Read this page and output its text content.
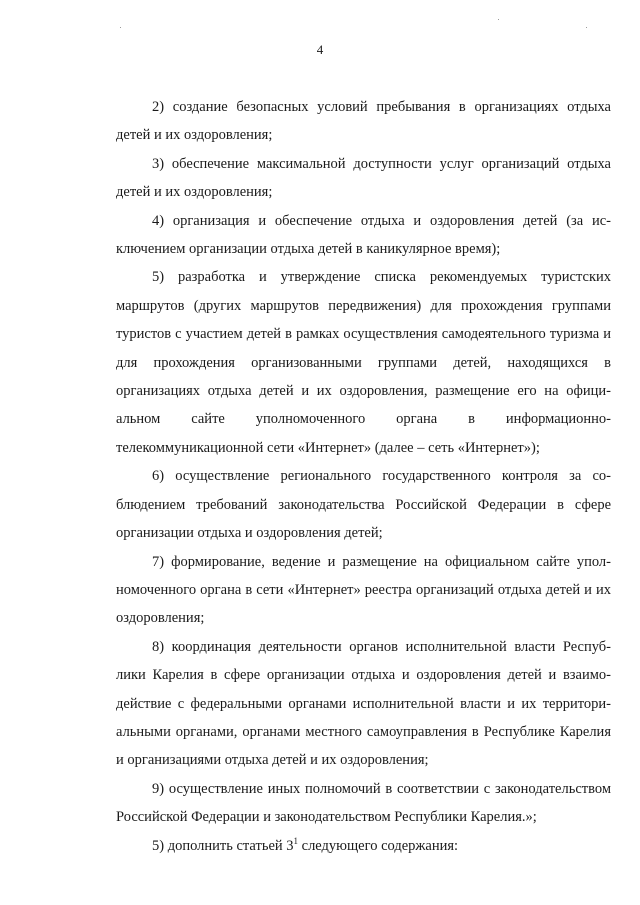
4

2) создание безопасных условий пребывания в организациях отдыха детей и их оздоровления;

3) обеспечение максимальной доступности услуг организаций отдыха детей и их оздоровления;

4) организация и обеспечение отдыха и оздоровления детей (за исключением организации отдыха детей в каникулярное время);

5) разработка и утверждение списка рекомендуемых туристских маршрутов (других маршрутов передвижения) для прохождения группами туристов с участием детей в рамках осуществления самодеятельного туризма и для прохождения организованными группами детей, находящихся в организациях отдыха детей и их оздоровления, размещение его на официальном сайте уполномоченного органа в информационно-телекоммуникационной сети «Интернет» (далее – сеть «Интернет»);

6) осуществление регионального государственного контроля за соблюдением требований законодательства Российской Федерации в сфере организации отдыха и оздоровления детей;

7) формирование, ведение и размещение на официальном сайте уполномоченного органа в сети «Интернет» реестра организаций отдыха детей и их оздоровления;

8) координация деятельности органов исполнительной власти Республики Карелия в сфере организации отдыха и оздоровления детей и взаимодействие с федеральными органами исполнительной власти и их территориальными органами, органами местного самоуправления в Республике Карелия и организациями отдыха детей и их оздоровления;

9) осуществление иных полномочий в соответствии с законодательством Российской Федерации и законодательством Республики Карелия.»;

5) дополнить статьей $3^1$ следующего содержания:
